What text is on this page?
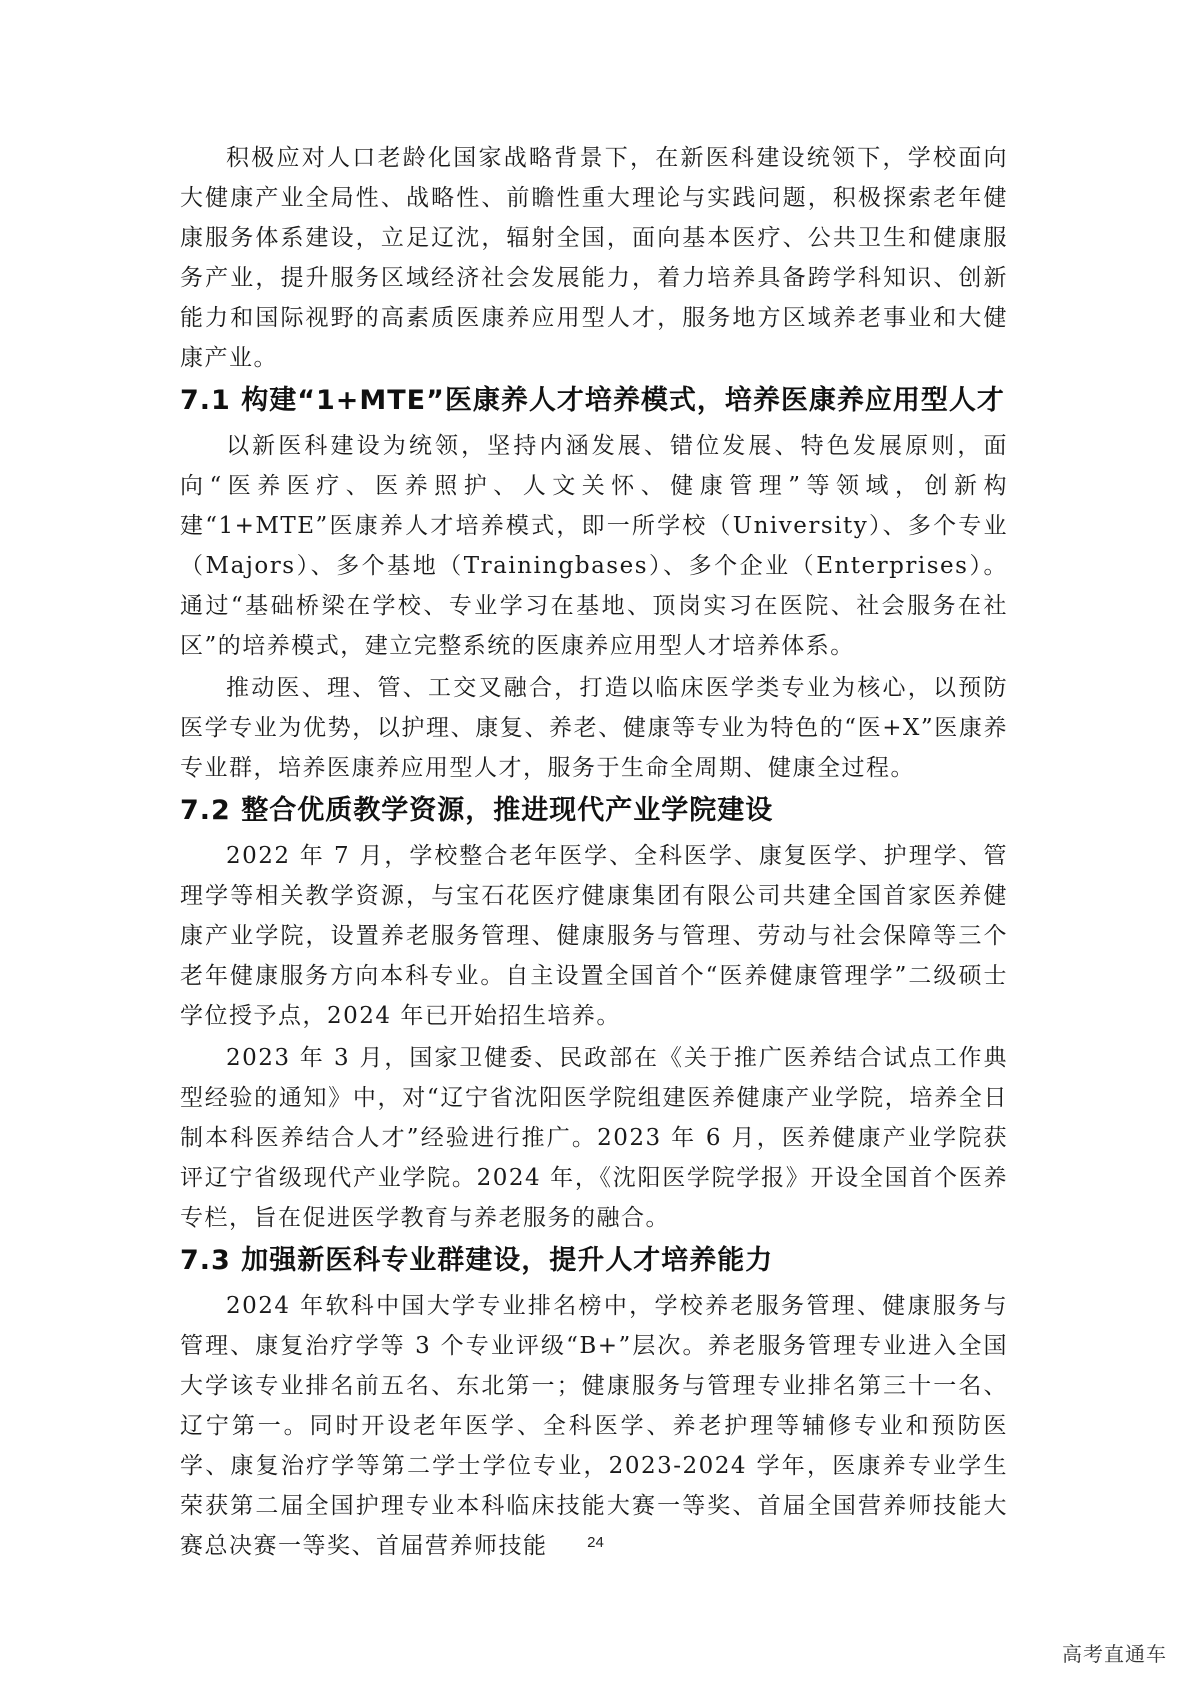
积极应对人口老龄化国家战略背景下，在新医科建设统领下，学校面向大健康产业全局性、战略性、前瞻性重大理论与实践问题，积极探索老年健康服务体系建设，立足辽沈，辐射全国，面向基本医疗、公共卫生和健康服务产业，提升服务区域经济社会发展能力，着力培养具备跨学科知识、创新能力和国际视野的高素质医康养应用型人才，服务地方区域养老事业和大健康产业。

7.1 构建“1+MTE”医康养人才培养模式，培养医康养应用型人才

以新医科建设为统领，坚持内涵发展、错位发展、特色发展原则，面向“医养医疗、医养照护、人文关怀、健康管理”等领域，创新构建“1+MTE”医康养人才培养模式，即一所学校（University）、多个专业（Majors）、多个基地（Trainingbases）、多个企业（Enterprises）。通过“基础桥梁在学校、专业学习在基地、顶岗实习在医院、社会服务在社区”的培养模式，建立完整系统的医康养应用型人才培养体系。

推动医、理、管、工交叉融合，打造以临床医学类专业为核心，以预防医学专业为优势，以护理、康复、养老、健康等专业为特色的“医+X”医康养专业群，培养医康养应用型人才，服务于生命全周期、健康全过程。

7.2 整合优质教学资源，推进现代产业学院建设

2022 年 7 月，学校整合老年医学、全科医学、康复医学、护理学、管理学等相关教学资源，与宝石花医疗健康集团有限公司共建全国首家医养健康产业学院，设置养老服务管理、健康服务与管理、劳动与社会保障等三个老年健康服务方向本科专业。自主设置全国首个“医养健康管理学”二级硕士学位授予点，2024 年已开始招生培养。

2023 年 3 月，国家卫健委、民政部在《关于推广医养结合试点工作典型经验的通知》中，对“辽宁省沈阳医学院组建医养健康产业学院，培养全日制本科医养结合人才”经验进行推广。2023 年 6 月，医养健康产业学院获评辽宁省级现代产业学院。2024 年，《沈阳医学院学报》开设全国首个医养专栏，旨在促进医学教育与养老服务的融合。

7.3 加强新医科专业群建设，提升人才培养能力

2024 年软科中国大学专业排名榜中，学校养老服务管理、健康服务与管理、康复治疗学等 3 个专业评级“B+”层次。养老服务管理专业进入全国大学该专业排名前五名、东北第一；健康服务与管理专业排名第三十一名、辽宁第一。同时开设老年医学、全科医学、养老护理等辅修专业和预防医学、康复治疗学等第二学士学位专业，2023-2024 学年，医康养专业学生荣获第二届全国护理专业本科临床技能大赛一等奖、首届全国营养师技能大赛总决赛一等奖、首届营养师技能	24
高考直通车
